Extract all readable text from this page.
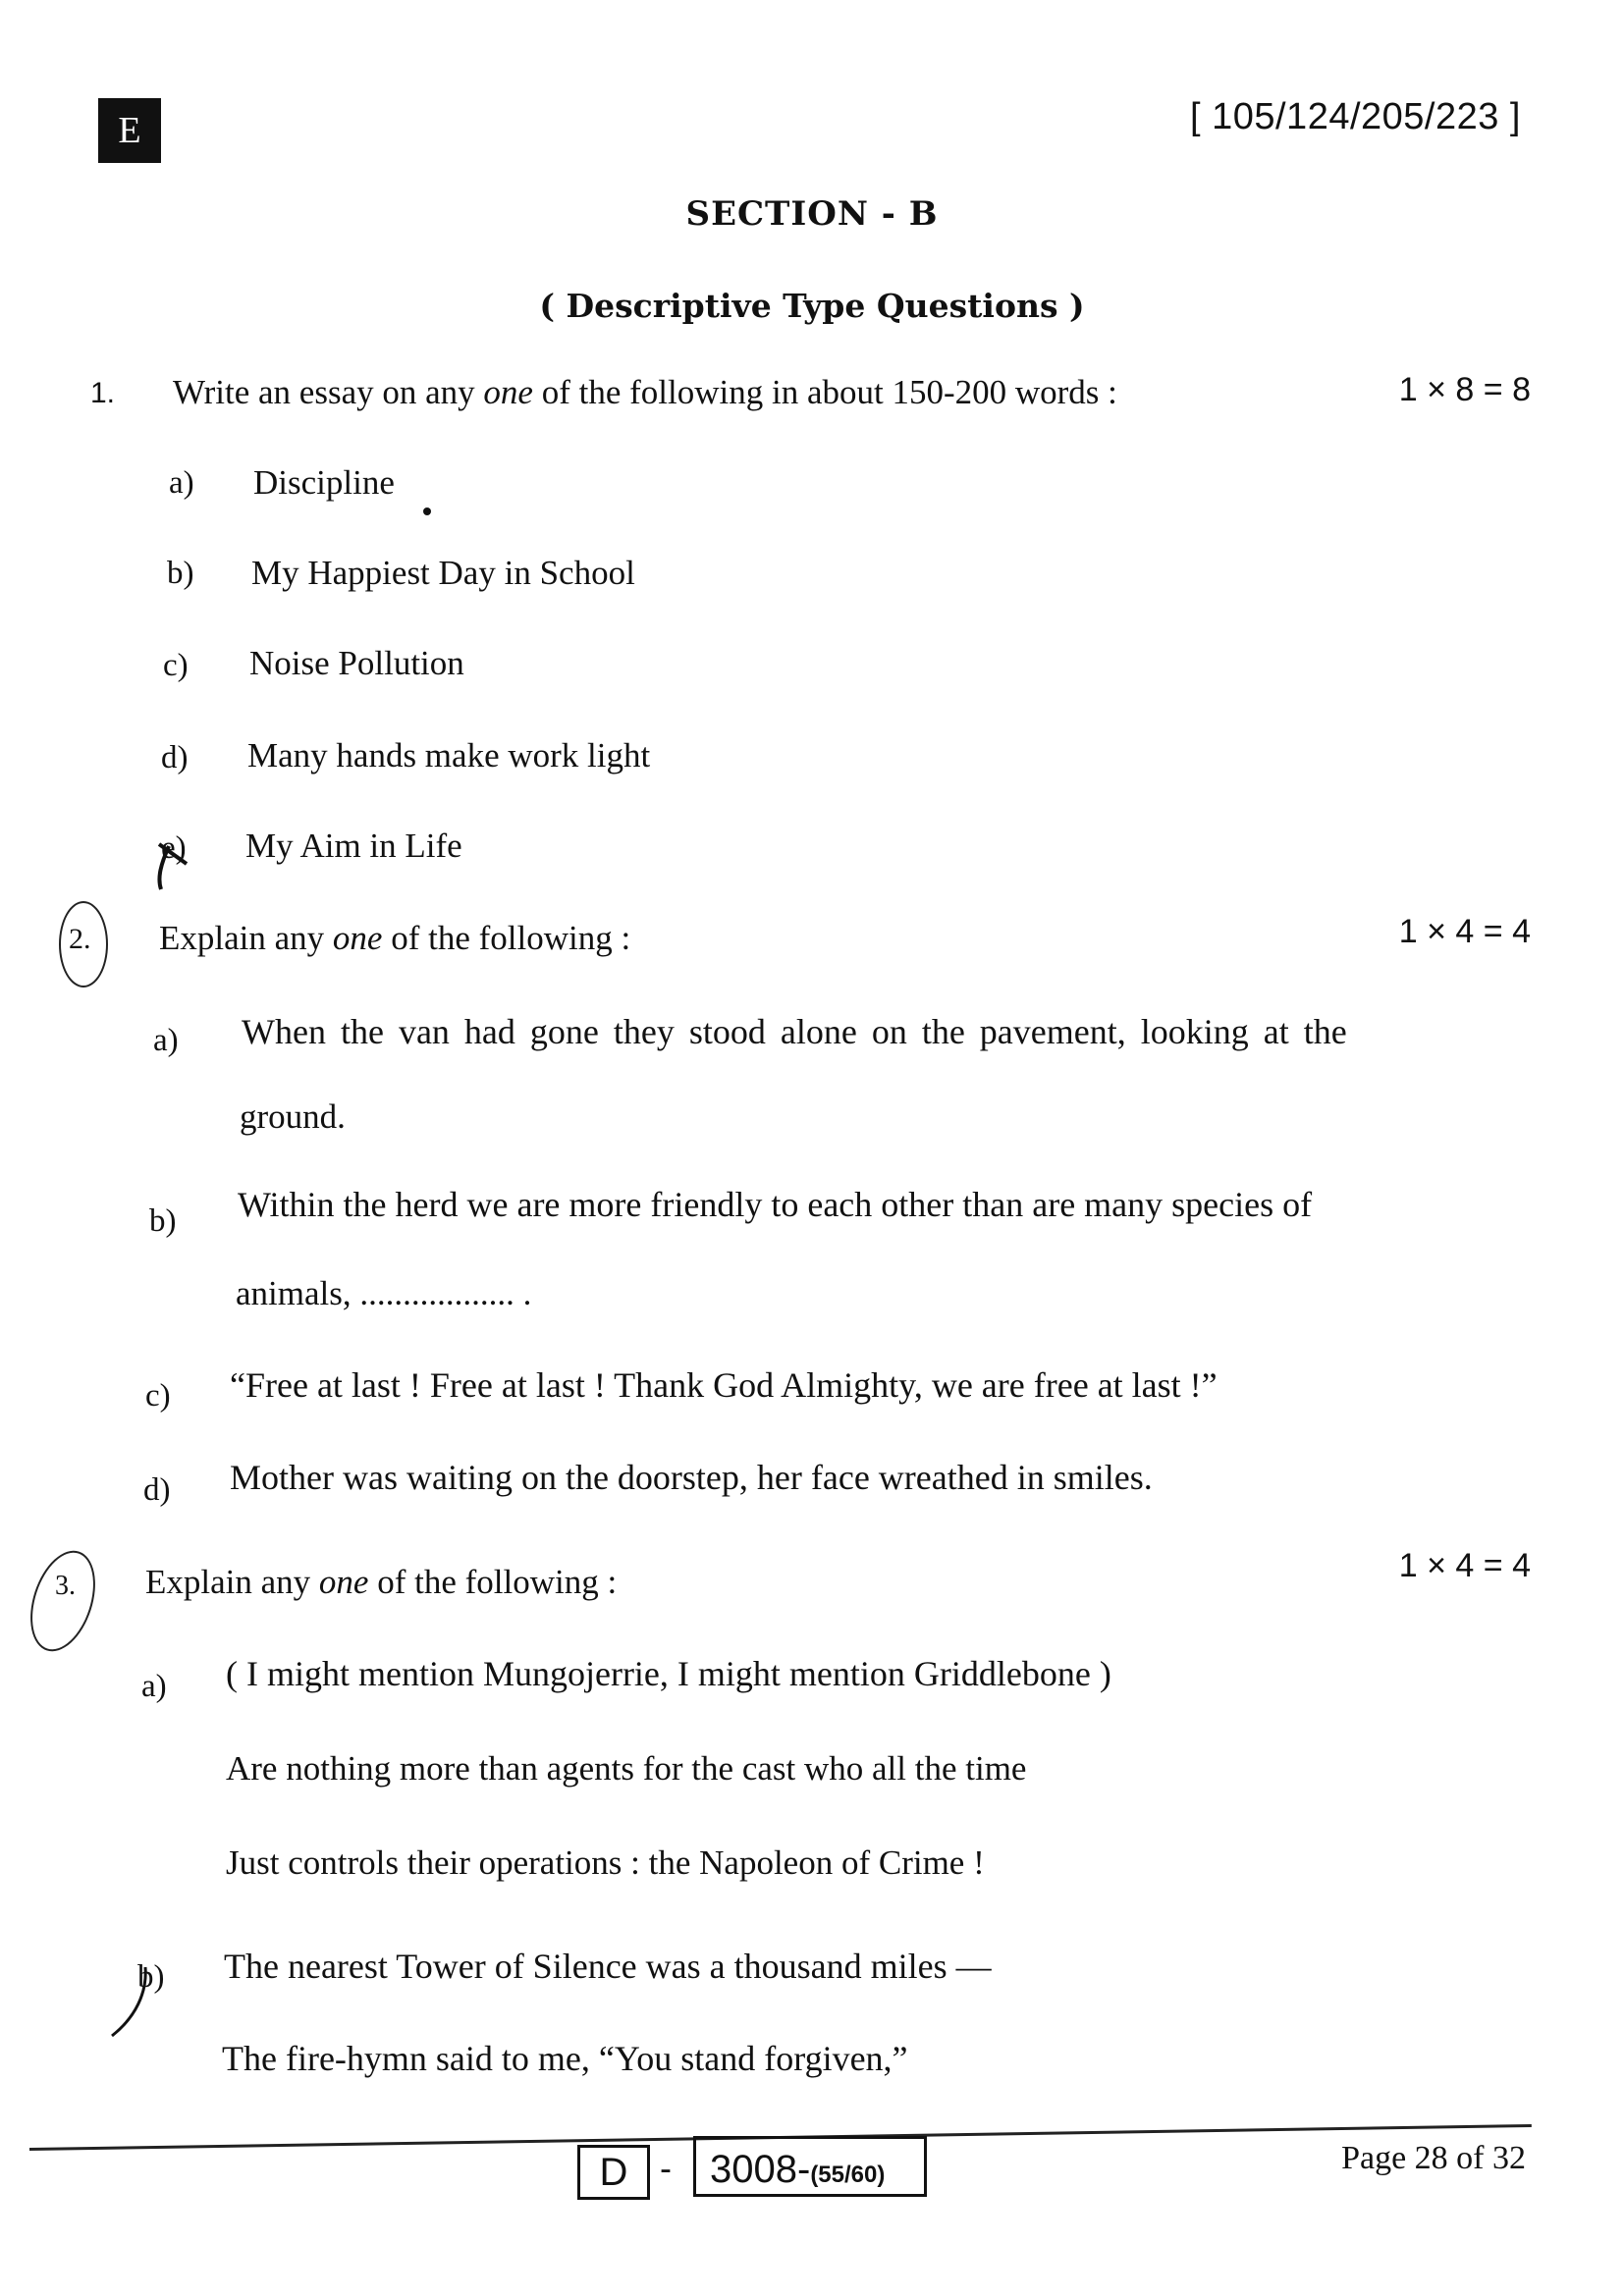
E	[ 105/124/205/223 ]
SECTION - B
( Descriptive Type Questions )
1. Write an essay on any one of the following in about 150-200 words :	1 × 8 = 8
a) Discipline
b) My Happiest Day in School
c) Noise Pollution
d) Many hands make work light
e) My Aim in Life
2. Explain any one of the following :	1 × 4 = 4
a) When the van had gone they stood alone on the pavement, looking at the
ground.
b) Within the herd we are more friendly to each other than are many species of
animals, .................. .
c) “Free at last ! Free at last ! Thank God Almighty, we are free at last !”
d) Mother was waiting on the doorstep, her face wreathed in smiles.
3. Explain any one of the following :	1 × 4 = 4
a) ( I might mention Mungojerrie, I might mention Griddlebone )
Are nothing more than agents for the cast who all the time
Just controls their operations : the Napoleon of Crime !
b) The nearest Tower of Silence was a thousand miles —
The fire-hymn said to me, “You stand forgiven,”
D - 3008-(55/60)	Page 28 of 32
